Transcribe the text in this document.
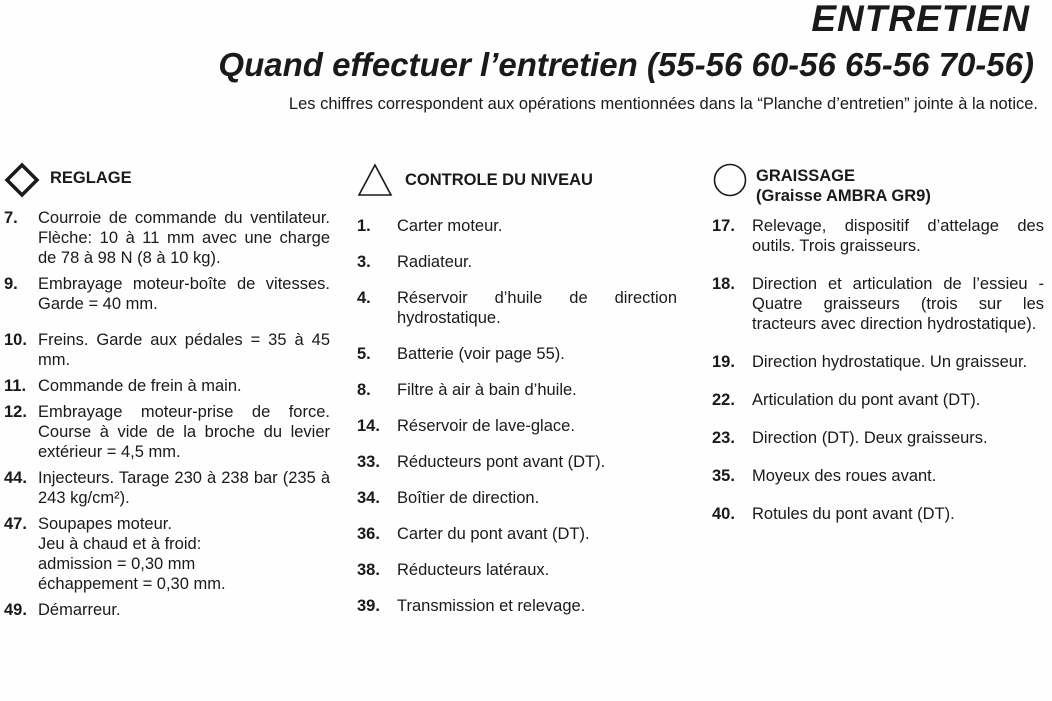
ENTRETIEN
Quand effectuer l’entretien (55-56 60-56 65-56 70-56)

Les chiffres correspondent aux opérations mentionnées dans la “Planche d’entretien” jointe à la notice.

REGLAGE
7.	Courroie de commande du ventilateur. Flèche: 10 à 11 mm avec une charge de 78 à 98 N (8 à 10 kg).
9.	Embrayage moteur-boîte de vitesses. Garde = 40 mm.
10. Freins. Garde aux pédales = 35 à 45 mm.
11. Commande de frein à main.
12. Embrayage moteur-prise de force. Course à vide de la broche du levier extérieur = 4,5 mm.
44. Injecteurs. Tarage 230 à 238 bar (235 à 243 kg/cm²).
47. Soupapes moteur.
Jeu à chaud et à froid:
admission = 0,30 mm
échappement = 0,30 mm.
49. Démarreur.
CONTROLE DU NIVEAU
1.	Carter moteur.
3.	Radiateur.
4.	Réservoir d’huile de direction hydrostatique.
5.	Batterie (voir page 55).
8.	Filtre à air à bain d’huile.
14.	Réservoir de lave-glace.
33.	Réducteurs pont avant (DT).
34.	Boîtier de direction.
36.	Carter du pont avant (DT).
38.	Réducteurs latéraux.
39.	Transmission et relevage.
GRAISSAGE
(Graisse AMBRA GR9)
17.	Relevage, dispositif d’attelage des outils. Trois graisseurs.
18.	Direction et articulation de l’essieu - Quatre graisseurs (trois sur les tracteurs avec direction hydrostatique).
19.	Direction hydrostatique. Un graisseur.
22.	Articulation du pont avant (DT).
23.	Direction (DT). Deux graisseurs.
35.	Moyeux des roues avant.
40.	Rotules du pont avant (DT).
